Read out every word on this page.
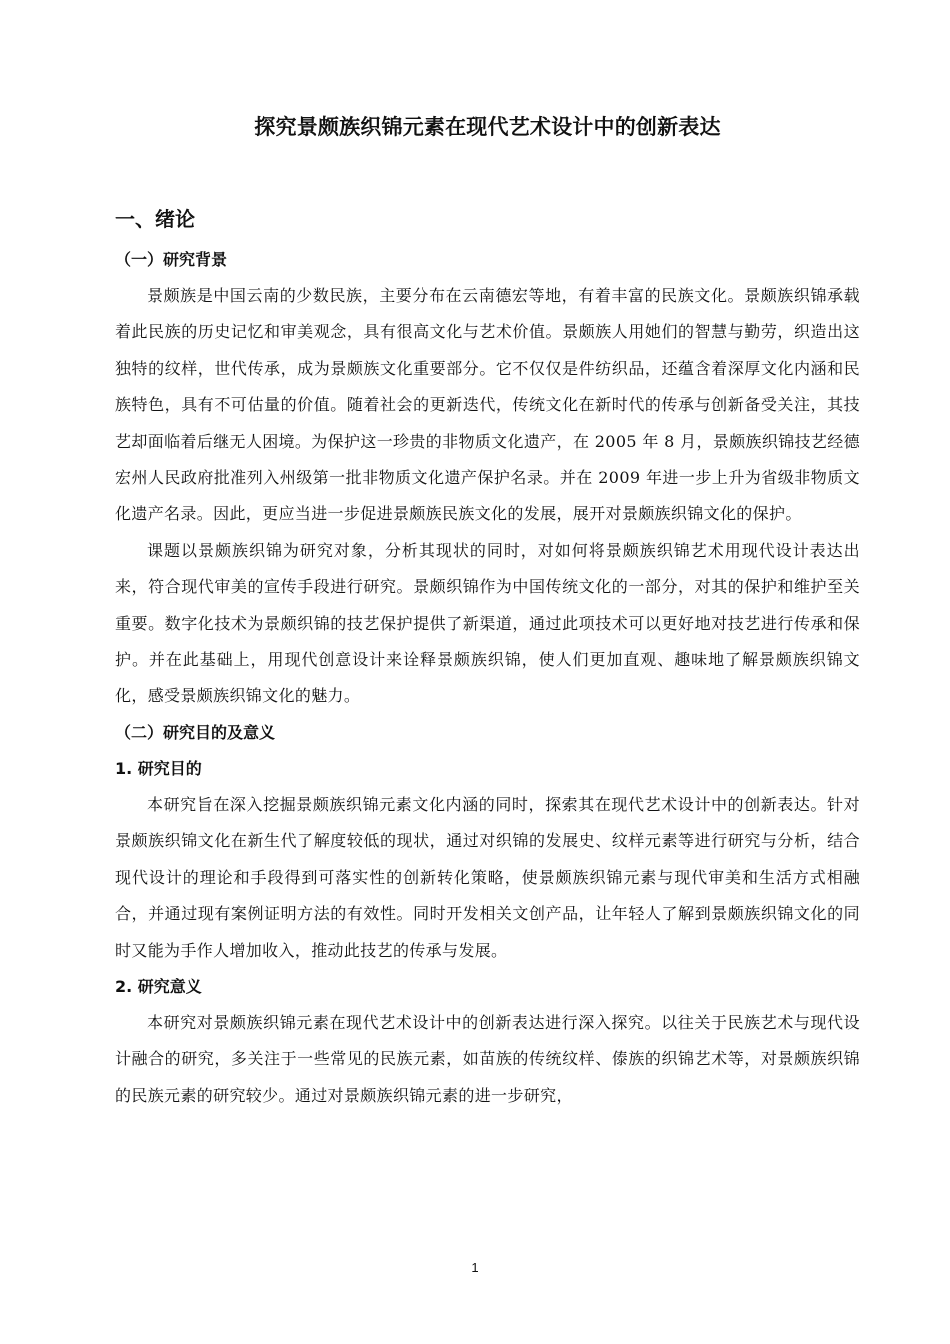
探究景颇族织锦元素在现代艺术设计中的创新表达
一、绪论
（一）研究背景

景颇族是中国云南的少数民族，主要分布在云南德宏等地，有着丰富的民族文化。景颇族织锦承载着此民族的历史记忆和审美观念，具有很高文化与艺术价值。景颇族人用她们的智慧与勤劳，织造出这独特的纹样，世代传承，成为景颇族文化重要部分。它不仅仅是件纺织品，还蕴含着深厚文化内涵和民族特色，具有不可估量的价值。随着社会的更新迭代，传统文化在新时代的传承与创新备受关注，其技艺却面临着后继无人困境。为保护这一珍贵的非物质文化遗产，在 2005 年 8 月，景颇族织锦技艺经德宏州人民政府批准列入州级第一批非物质文化遗产保护名录。并在 2009 年进一步上升为省级非物质文化遗产名录。因此，更应当进一步促进景颇族民族文化的发展，展开对景颇族织锦文化的保护。

课题以景颇族织锦为研究对象，分析其现状的同时，对如何将景颇族织锦艺术用现代设计表达出来，符合现代审美的宣传手段进行研究。景颇织锦作为中国传统文化的一部分，对其的保护和维护至关重要。数字化技术为景颇织锦的技艺保护提供了新渠道，通过此项技术可以更好地对技艺进行传承和保护。并在此基础上，用现代创意设计来诠释景颇族织锦，使人们更加直观、趣味地了解景颇族织锦文化，感受景颇族织锦文化的魅力。

（二）研究目的及意义
1. 研究目的

本研究旨在深入挖掘景颇族织锦元素文化内涵的同时，探索其在现代艺术设计中的创新表达。针对景颇族织锦文化在新生代了解度较低的现状，通过对织锦的发展史、纹样元素等进行研究与分析，结合现代设计的理论和手段得到可落实性的创新转化策略，使景颇族织锦元素与现代审美和生活方式相融合，并通过现有案例证明方法的有效性。同时开发相关文创产品，让年轻人了解到景颇族织锦文化的同时又能为手作人增加收入，推动此技艺的传承与发展。

2. 研究意义

本研究对景颇族织锦元素在现代艺术设计中的创新表达进行深入探究。以往关于民族艺术与现代设计融合的研究，多关注于一些常见的民族元素，如苗族的传统纹样、傣族的织锦艺术等，对景颇族织锦的民族元素的研究较少。通过对景颇族织锦元素的进一步研究，

1
